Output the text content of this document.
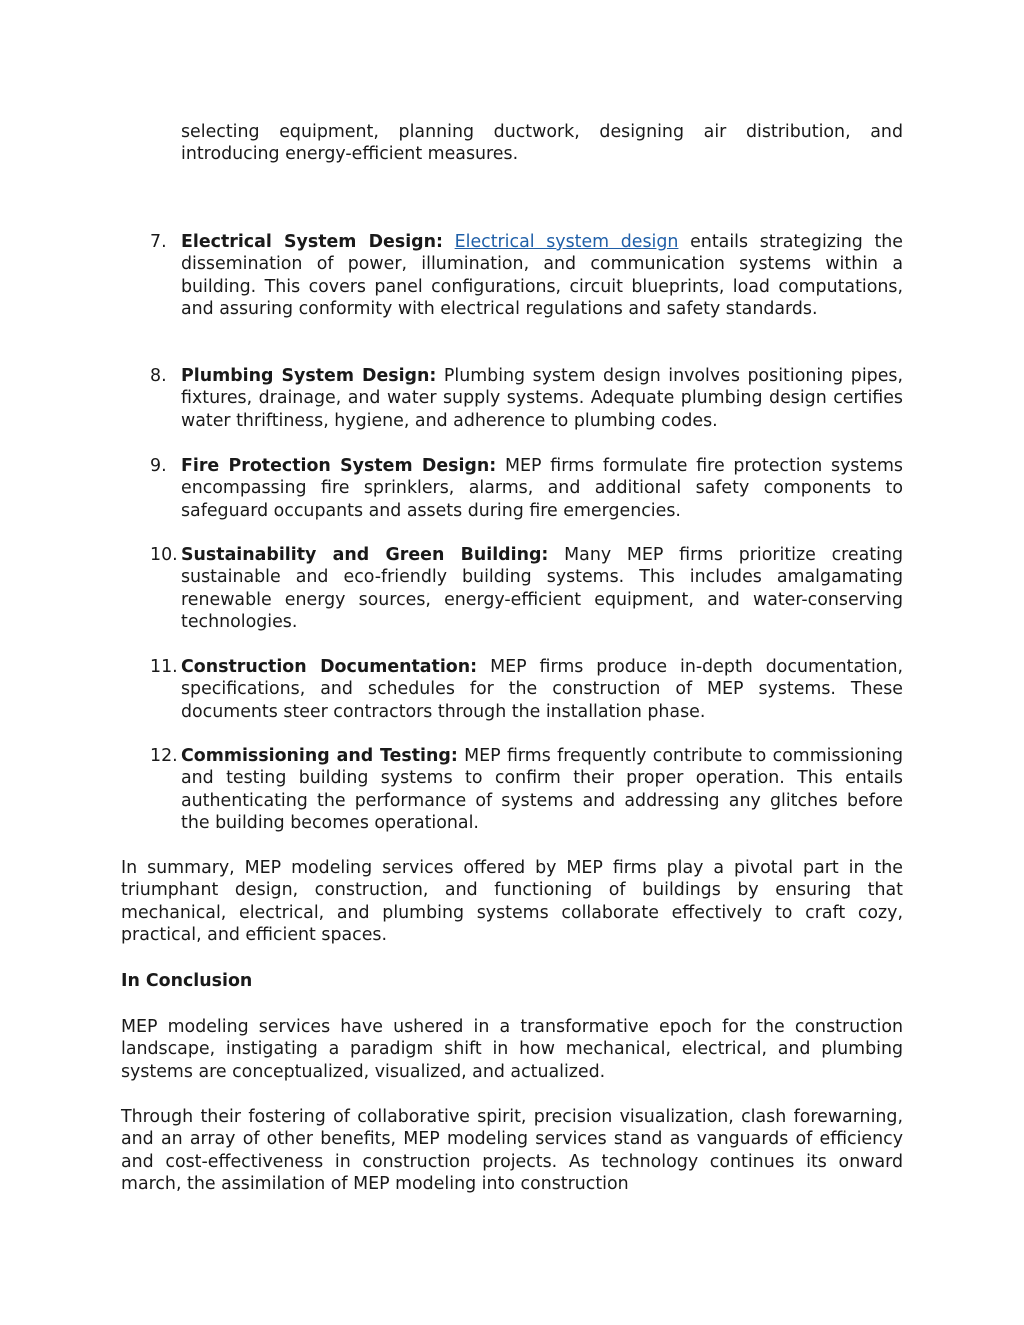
selecting equipment, planning ductwork, designing air distribution, and introducing energy-efficient measures.

7. Electrical System Design: Electrical system design entails strategizing the dissemination of power, illumination, and communication systems within a building. This covers panel configurations, circuit blueprints, load computations, and assuring conformity with electrical regulations and safety standards.

8. Plumbing System Design: Plumbing system design involves positioning pipes, fixtures, drainage, and water supply systems. Adequate plumbing design certifies water thriftiness, hygiene, and adherence to plumbing codes.

9. Fire Protection System Design: MEP firms formulate fire protection systems encompassing fire sprinklers, alarms, and additional safety components to safeguard occupants and assets during fire emergencies.

10. Sustainability and Green Building: Many MEP firms prioritize creating sustainable and eco-friendly building systems. This includes amalgamating renewable energy sources, energy-efficient equipment, and water-conserving technologies.

11. Construction Documentation: MEP firms produce in-depth documentation, specifications, and schedules for the construction of MEP systems. These documents steer contractors through the installation phase.

12. Commissioning and Testing: MEP firms frequently contribute to commissioning and testing building systems to confirm their proper operation. This entails authenticating the performance of systems and addressing any glitches before the building becomes operational.

In summary, MEP modeling services offered by MEP firms play a pivotal part in the triumphant design, construction, and functioning of buildings by ensuring that mechanical, electrical, and plumbing systems collaborate effectively to craft cozy, practical, and efficient spaces.

In Conclusion

MEP modeling services have ushered in a transformative epoch for the construction landscape, instigating a paradigm shift in how mechanical, electrical, and plumbing systems are conceptualized, visualized, and actualized.

Through their fostering of collaborative spirit, precision visualization, clash forewarning, and an array of other benefits, MEP modeling services stand as vanguards of efficiency and cost-effectiveness in construction projects. As technology continues its onward march, the assimilation of MEP modeling into construction
